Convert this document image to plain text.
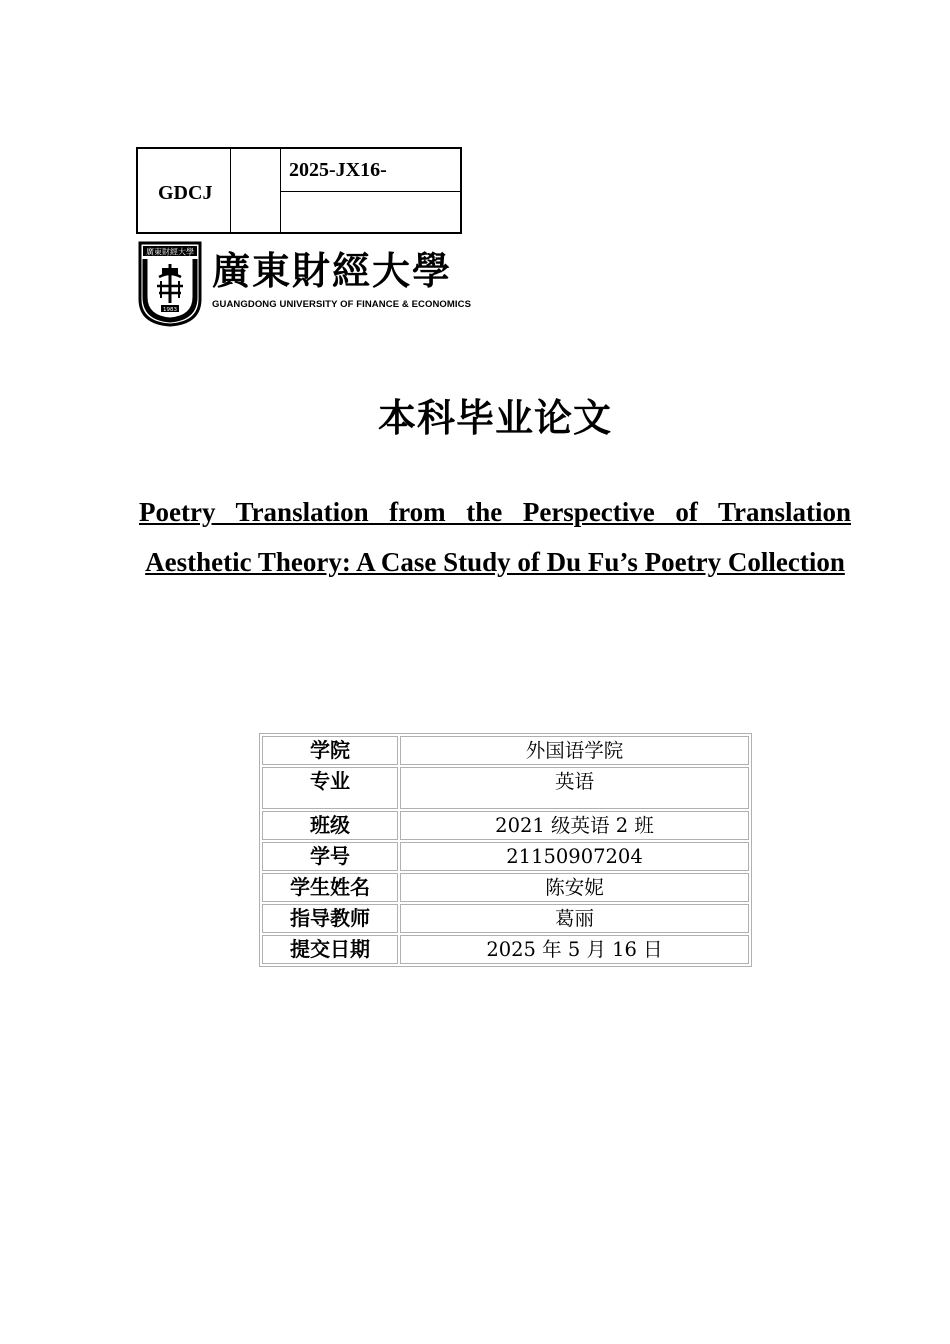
GDCJ
2025-JX16-
廣東財經大學
1983
廣東財經大學
GUANGDONG UNIVERSITY OF FINANCE & ECONOMICS
本科毕业论文
Poetry Translation from the Perspective of Translation Aesthetic Theory: A Case Study of Du Fu’s Poetry Collection
学院	外国语学院
专业	英语
班级	2021 级英语 2 班
学号	21150907204
学生姓名	陈安妮
指导教师	葛丽
提交日期	2025 年 5 月 16 日
